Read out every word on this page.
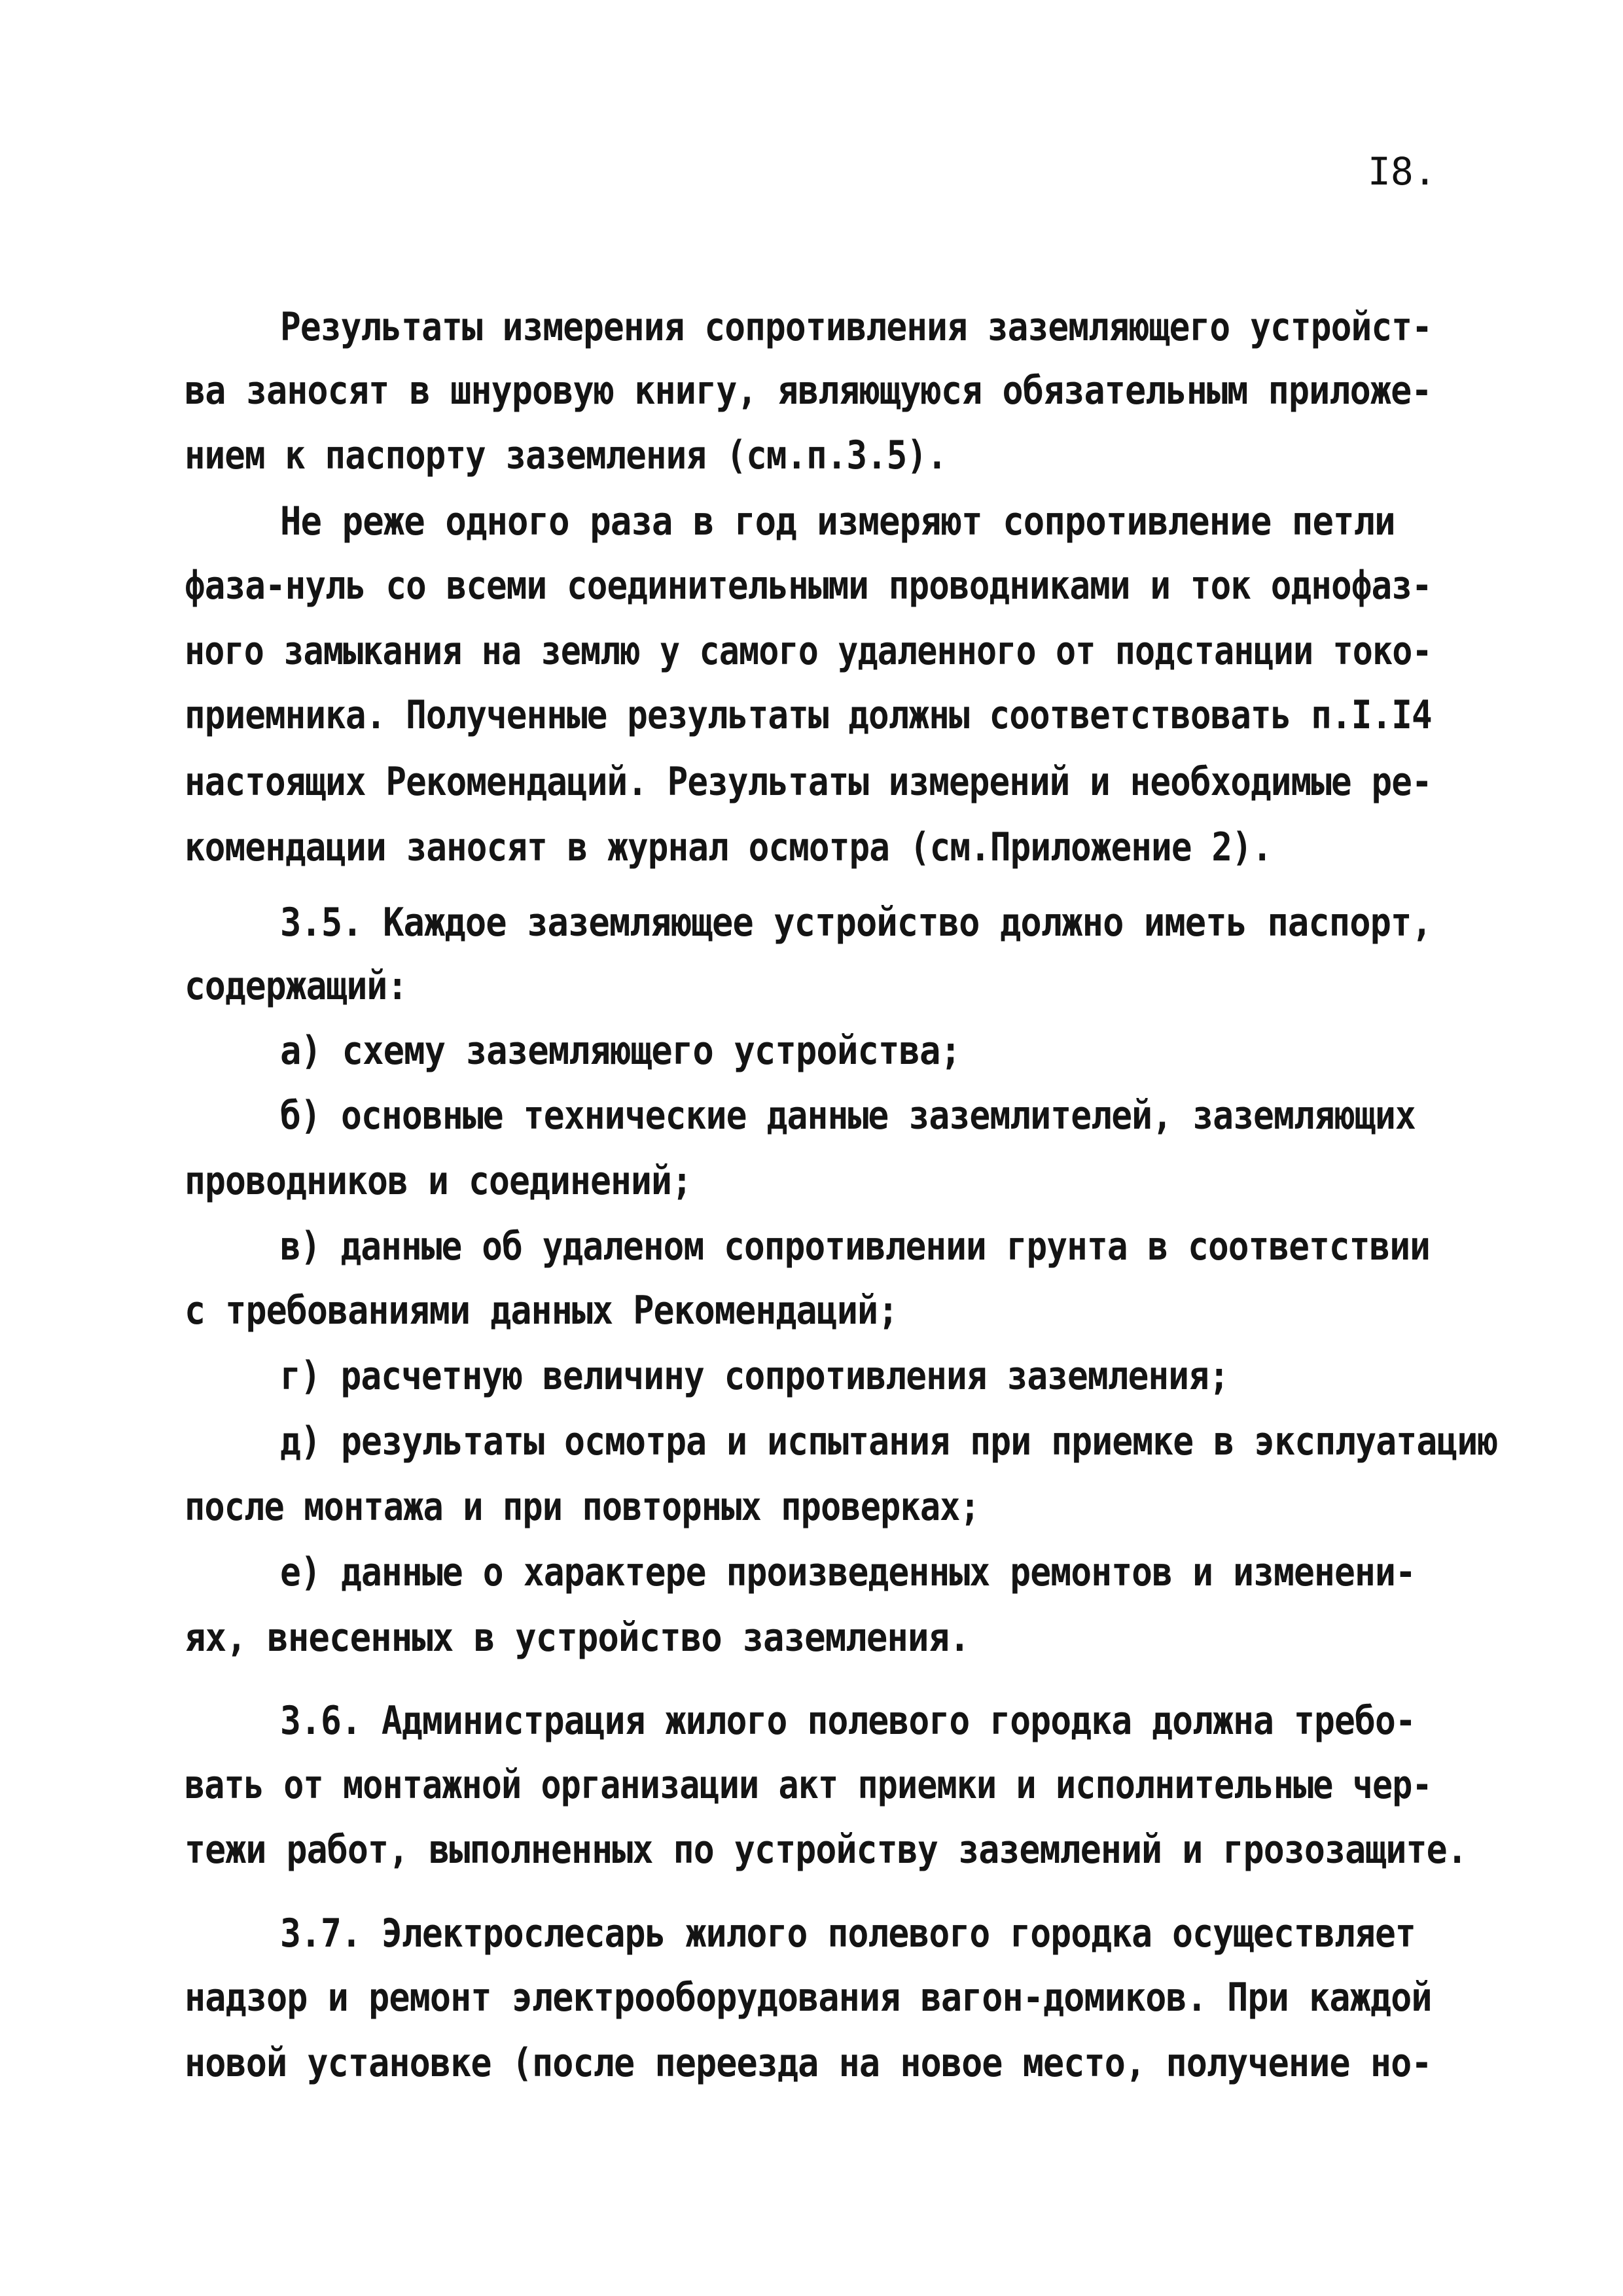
I8.
Результаты измерения сопротивления заземляющего устройст-
ва заносят в шнуровую книгу, являющуюся обязательным приложе-
нием к паспорту заземления (см.п.3.5).
Не реже одного раза в год измеряют сопротивление петли
фаза-нуль со всеми соединительными проводниками и ток однофаз-
ного замыкания на землю у самого удаленного от подстанции токо-
приемника. Полученные результаты должны соответствовать п.I.I4
настоящих Рекомендаций. Результаты измерений и необходимые ре-
комендации заносят в журнал осмотра (см.Приложение 2).
3.5. Каждое заземляющее устройство должно иметь паспорт,
содержащий:
а) схему заземляющего устройства;
б) основные технические данные заземлителей, заземляющих
проводников и соединений;
в) данные об удаленом сопротивлении грунта в соответствии
с требованиями данных Рекомендаций;
г) расчетную величину сопротивления заземления;
д) результаты осмотра и испытания при приемке в эксплуатацию
после монтажа и при повторных проверках;
е) данные о характере произведенных ремонтов и изменени-
ях, внесенных в устройство заземления.
3.6. Администрация жилого полевого городка должна требо-
вать от монтажной организации акт приемки и исполнительные чер-
тежи работ, выполненных по устройству заземлений и грозозащите.
3.7. Электрослесарь жилого полевого городка осуществляет
надзор и ремонт электрооборудования вагон-домиков. При каждой
новой установке (после переезда на новое место, получение но-
